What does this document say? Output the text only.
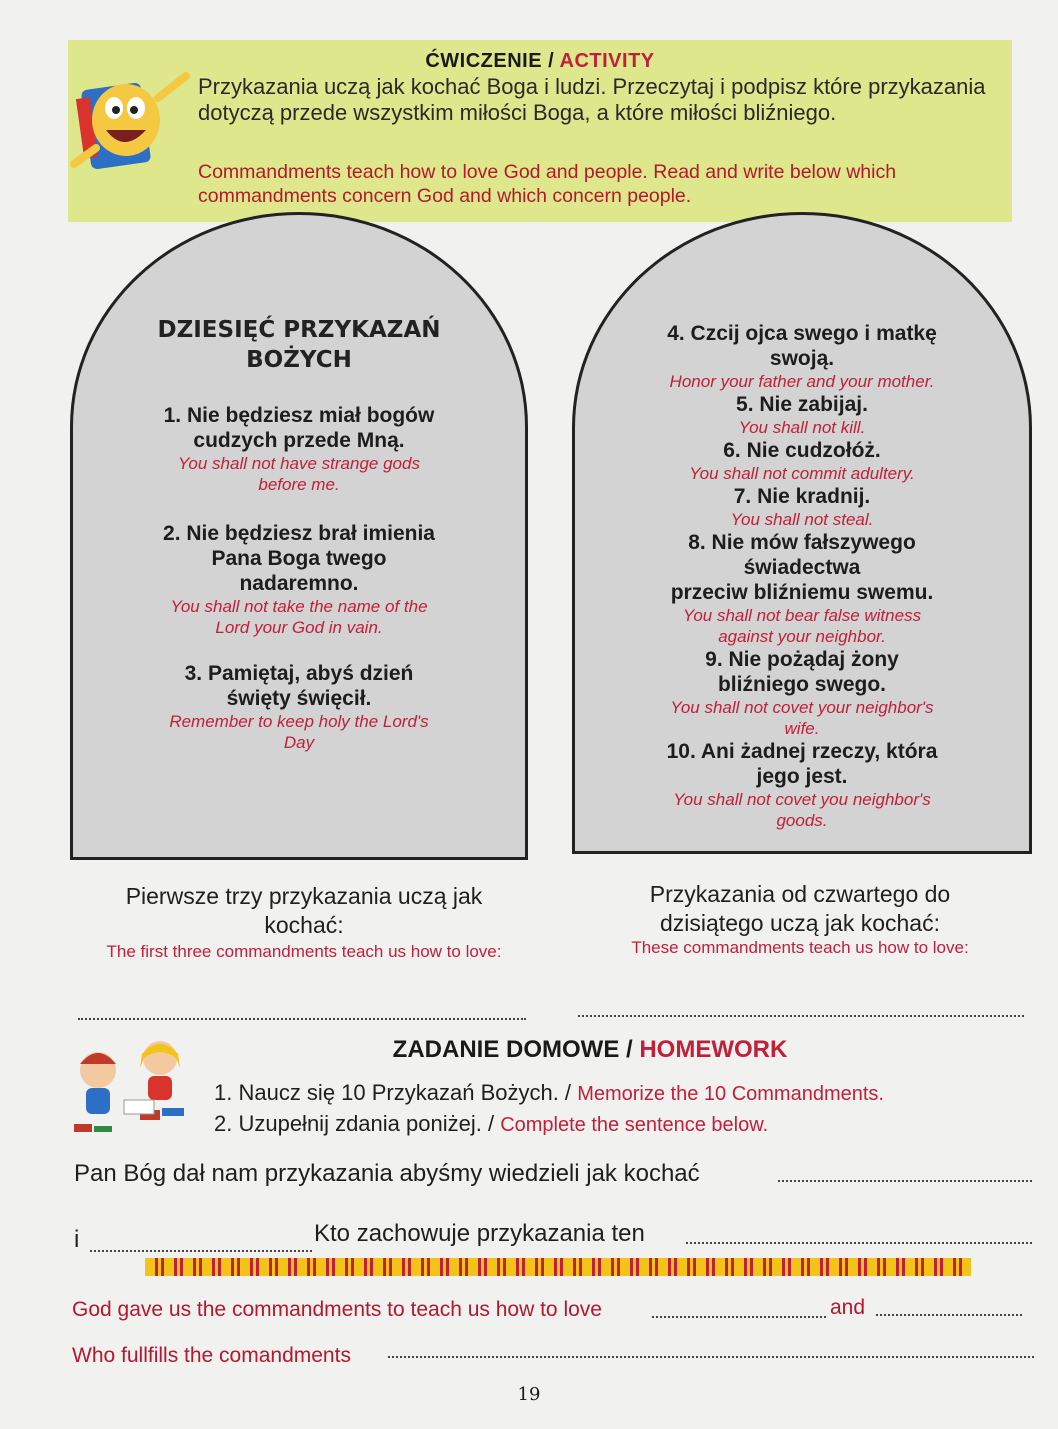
ĆWICZENIE / ACTIVITY
Przykazania uczą jak kochać Boga i ludzi. Przeczytaj i podpisz które przykazania dotyczą przede wszystkim miłości Boga, a które miłości bliźniego.
Commandments teach how to love God and people. Read and write below which commandments concern God and which concern people.
DZIESIĘĆ PRZYKAZAŃ
BOŻYCH
1. Nie będziesz miał bogów
cudzych przede Mną.
You shall not have strange gods
before me.
2. Nie będziesz brał imienia
Pana Boga twego
nadaremno.
You shall not take the name of the
Lord your God in vain.
3. Pamiętaj, abyś dzień
święty święcił.
Remember to keep holy the Lord's
Day
4. Czcij ojca swego i matkę
swoją.
Honor your father and your mother.
5. Nie zabijaj.
You shall not kill.
6. Nie cudzołóż.
You shall not commit adultery.
7. Nie kradnij.
You shall not steal.
8. Nie mów fałszywego
świadectwa
przeciw bliźniemu swemu.
You shall not bear false witness
against your neighbor.
9. Nie pożądaj żony
bliźniego swego.
You shall not covet your neighbor's
wife.
10. Ani żadnej rzeczy, która
jego jest.
You shall not covet you neighbor's
goods.
Pierwsze trzy przykazania uczą jak
kochać:
The first three commandments teach us how to love:
Przykazania od czwartego do
dzisiątego uczą jak kochać:
These commandments teach us how to love:
ZADANIE DOMOWE / HOMEWORK
1. Naucz się 10 Przykazań Bożych. / Memorize the 10 Commandments.
2. Uzupełnij zdania poniżej. / Complete the sentence below.
Pan Bóg dał nam przykazania abyśmy wiedzieli jak kochać
i	Kto zachowuje przykazania ten
God gave us the commandments to teach us how to love	and
Who fullfills the comandments
19
